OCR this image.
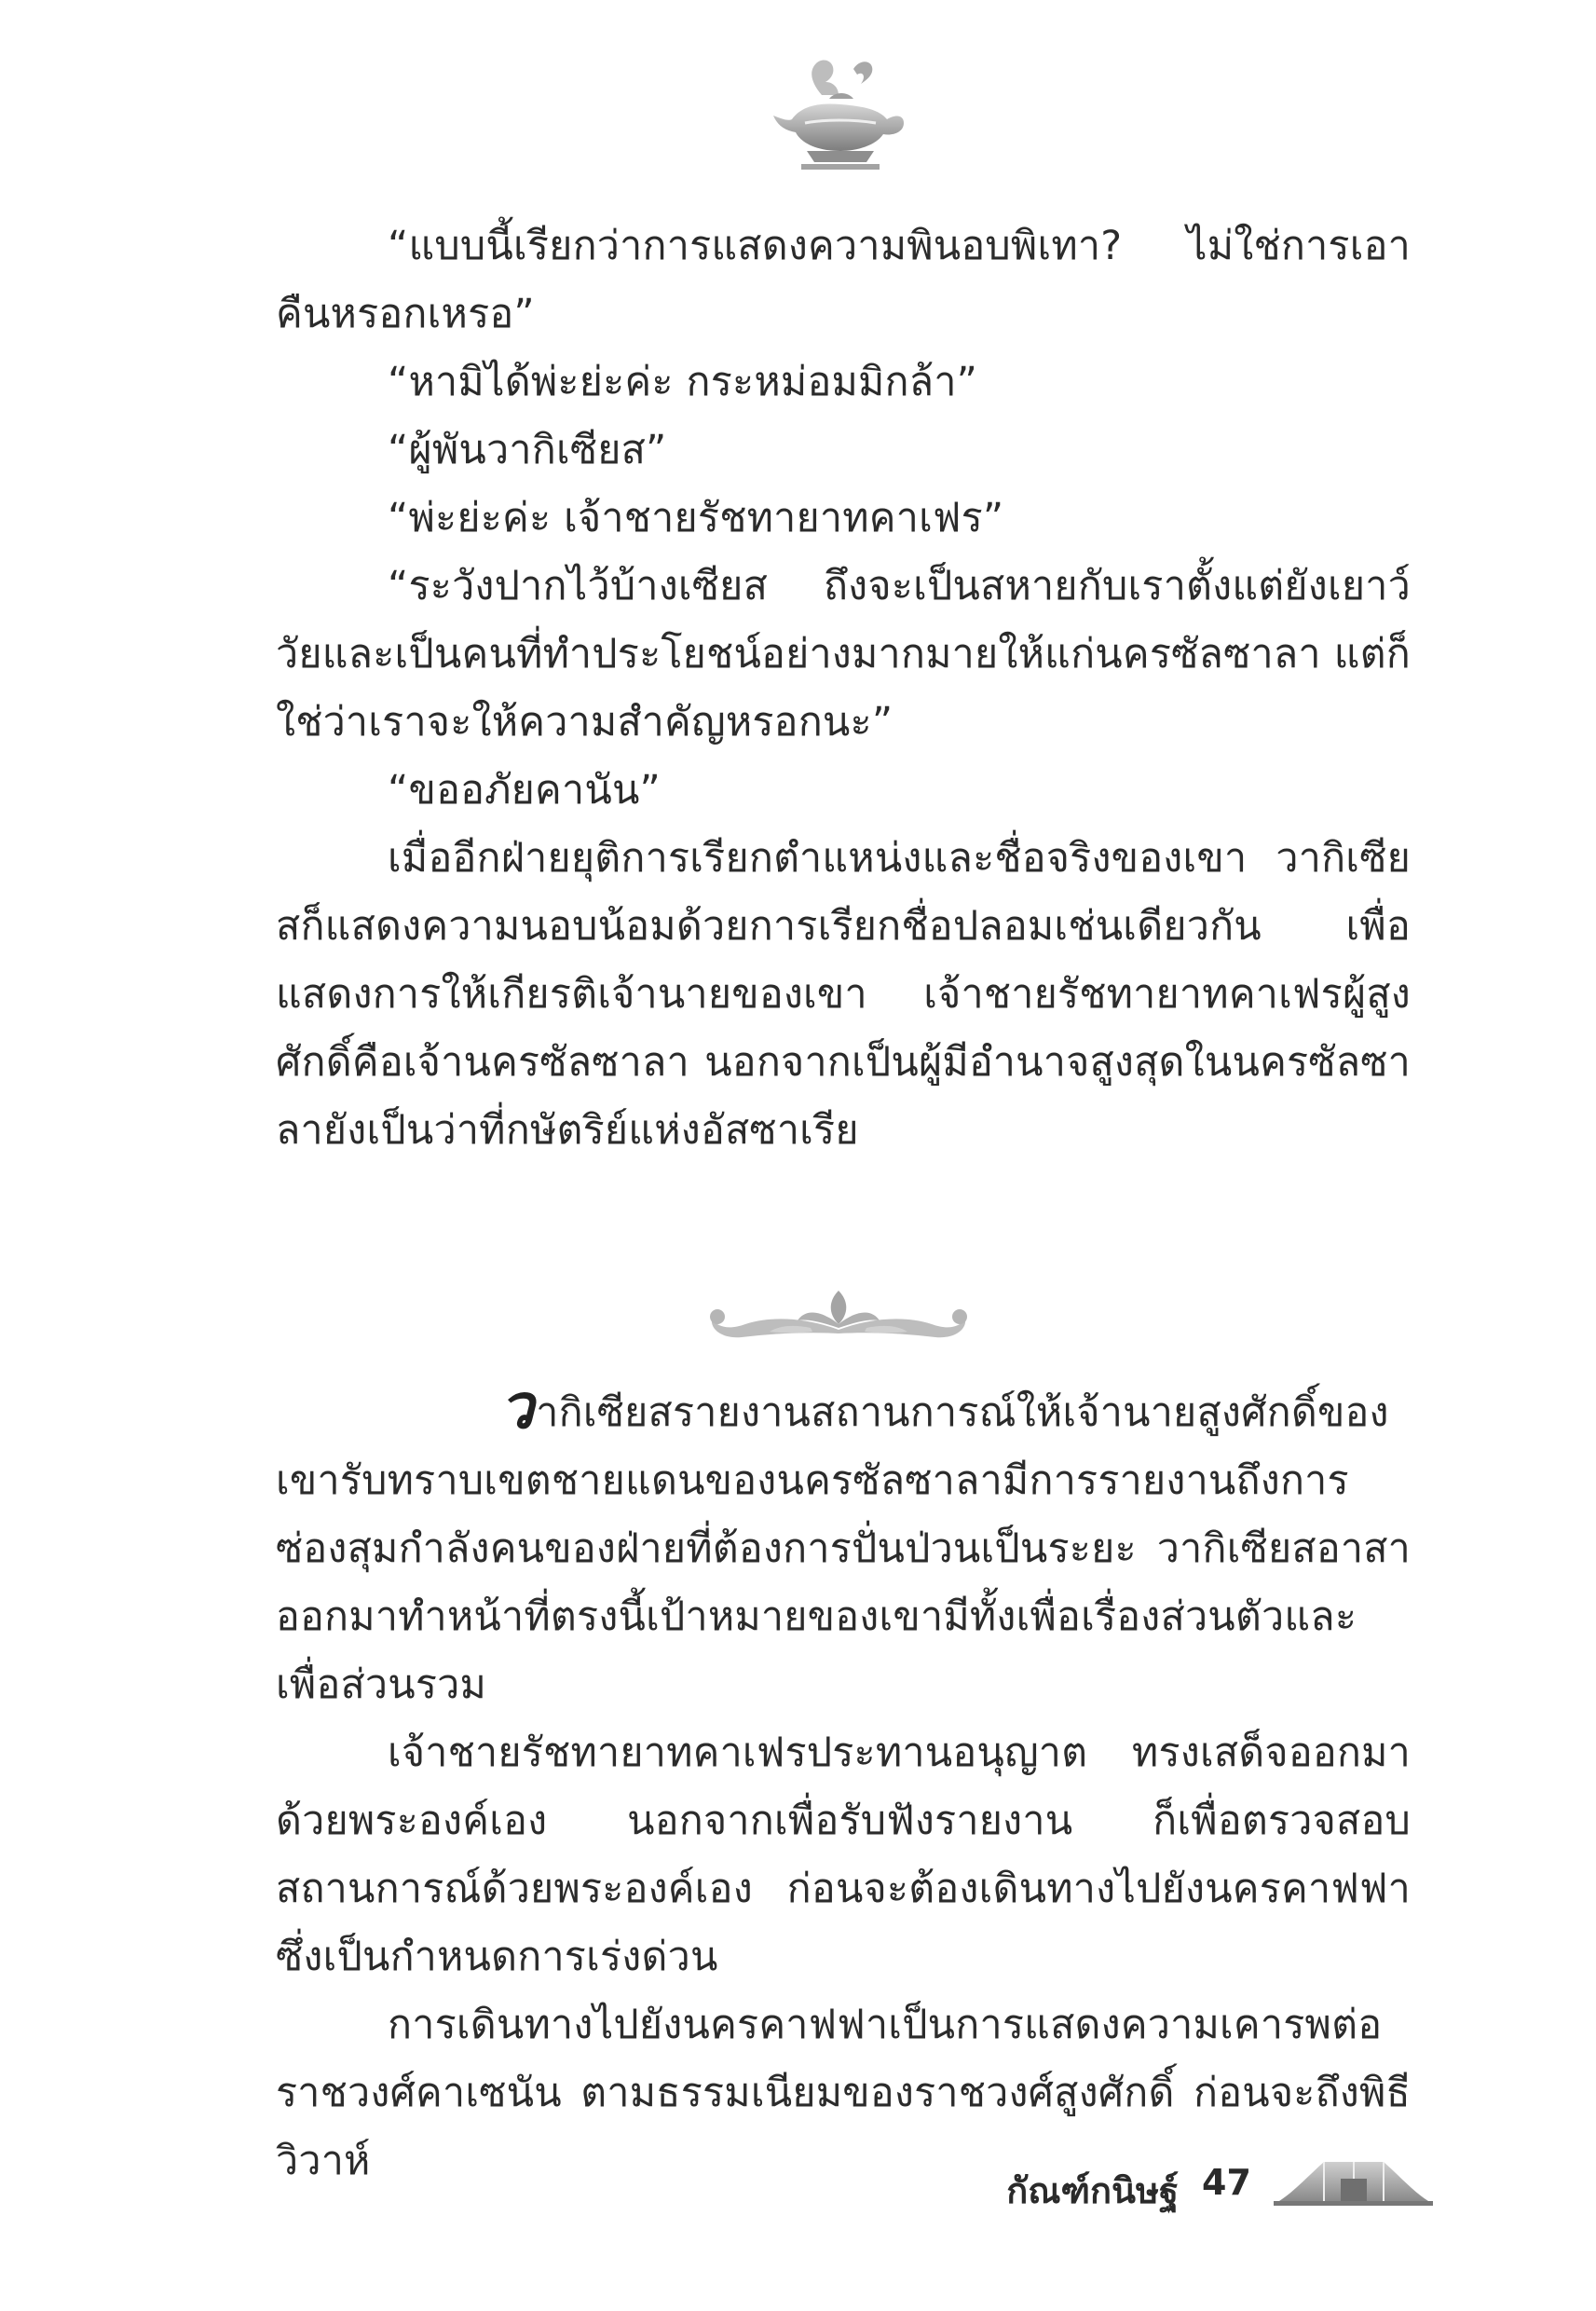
“แบบนี้เรียกว่าการแสดงความพินอบพิเทา? ไม่ใช่การเอาคืนหรอกเหรอ”

“หามิได้พ่ะย่ะค่ะ กระหม่อมมิกล้า”

“ผู้พันวากิเซียส”

“พ่ะย่ะค่ะ เจ้าชายรัชทายาทคาเฟร”

“ระวังปากไว้บ้างเซียส ถึงจะเป็นสหายกับเราตั้งแต่ยังเยาว์วัยและเป็นคนที่ทำประโยชน์อย่างมากมายให้แก่นครซัลซาลา แต่ก็ใช่ว่าเราจะให้ความสำคัญหรอกนะ”

“ขออภัยคานัน”

เมื่ออีกฝ่ายยุติการเรียกตำแหน่งและชื่อจริงของเขา วากิเซียสก็แสดงความนอบน้อมด้วยการเรียกชื่อปลอมเช่นเดียวกัน เพื่อแสดงการให้เกียรติเจ้านายของเขา เจ้าชายรัชทายาทคาเฟรผู้สูงศักดิ์คือเจ้านครซัลซาลา นอกจากเป็นผู้มีอำนาจสูงสุดในนครซัลซาลายังเป็นว่าที่กษัตริย์แห่งอัสซาเรีย

วากิเซียสรายงานสถานการณ์ให้เจ้านายสูงศักดิ์ของเขารับทราบเขตชายแดนของนครซัลซาลามีการรายงานถึงการซ่องสุมกำลังคนของฝ่ายที่ต้องการปั่นป่วนเป็นระยะ วากิเซียสอาสาออกมาทำหน้าที่ตรงนี้เป้าหมายของเขามีทั้งเพื่อเรื่องส่วนตัวและเพื่อส่วนรวม

เจ้าชายรัชทายาทคาเฟรประทานอนุญาต ทรงเสด็จออกมาด้วยพระองค์เอง นอกจากเพื่อรับฟังรายงาน ก็เพื่อตรวจสอบสถานการณ์ด้วยพระองค์เอง ก่อนจะต้องเดินทางไปยังนครคาฟฟา ซึ่งเป็นกำหนดการเร่งด่วน

การเดินทางไปยังนครคาฟฟาเป็นการแสดงความเคารพต่อราชวงศ์คาเซนัน ตามธรรมเนียมของราชวงศ์สูงศักดิ์ ก่อนจะถึงพิธีวิวาห์

กัณฑ์กนิษฐ์ 47
